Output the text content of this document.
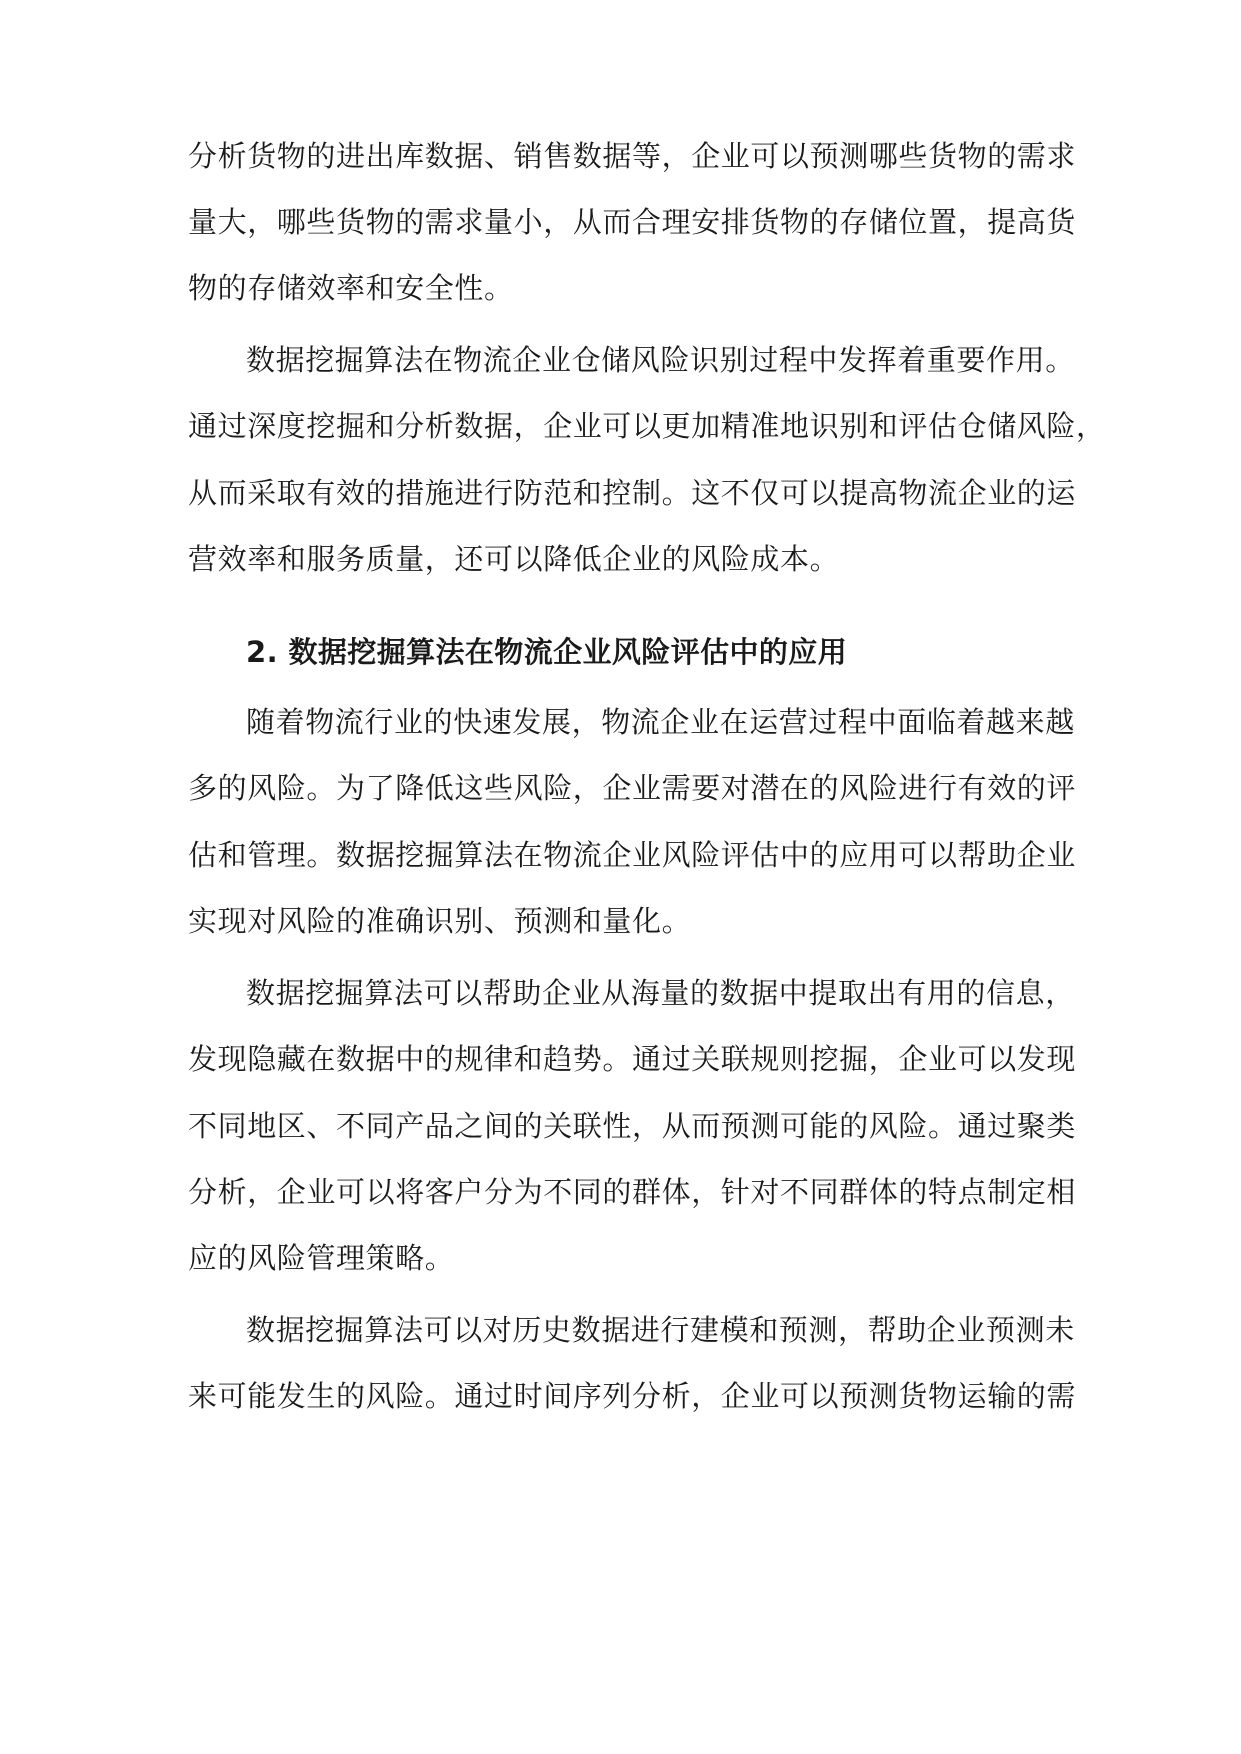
分析货物的进出库数据、销售数据等，企业可以预测哪些货物的需求
量大，哪些货物的需求量小，从而合理安排货物的存储位置，提高货
物的存储效率和安全性。
数据挖掘算法在物流企业仓储风险识别过程中发挥着重要作用。
通过深度挖掘和分析数据，企业可以更加精准地识别和评估仓储风险，
从而采取有效的措施进行防范和控制。这不仅可以提高物流企业的运
营效率和服务质量，还可以降低企业的风险成本。
2. 数据挖掘算法在物流企业风险评估中的应用
随着物流行业的快速发展，物流企业在运营过程中面临着越来越
多的风险。为了降低这些风险，企业需要对潜在的风险进行有效的评
估和管理。数据挖掘算法在物流企业风险评估中的应用可以帮助企业
实现对风险的准确识别、预测和量化。
数据挖掘算法可以帮助企业从海量的数据中提取出有用的信息，
发现隐藏在数据中的规律和趋势。通过关联规则挖掘，企业可以发现
不同地区、不同产品之间的关联性，从而预测可能的风险。通过聚类
分析，企业可以将客户分为不同的群体，针对不同群体的特点制定相
应的风险管理策略。
数据挖掘算法可以对历史数据进行建模和预测，帮助企业预测未
来可能发生的风险。通过时间序列分析，企业可以预测货物运输的需
